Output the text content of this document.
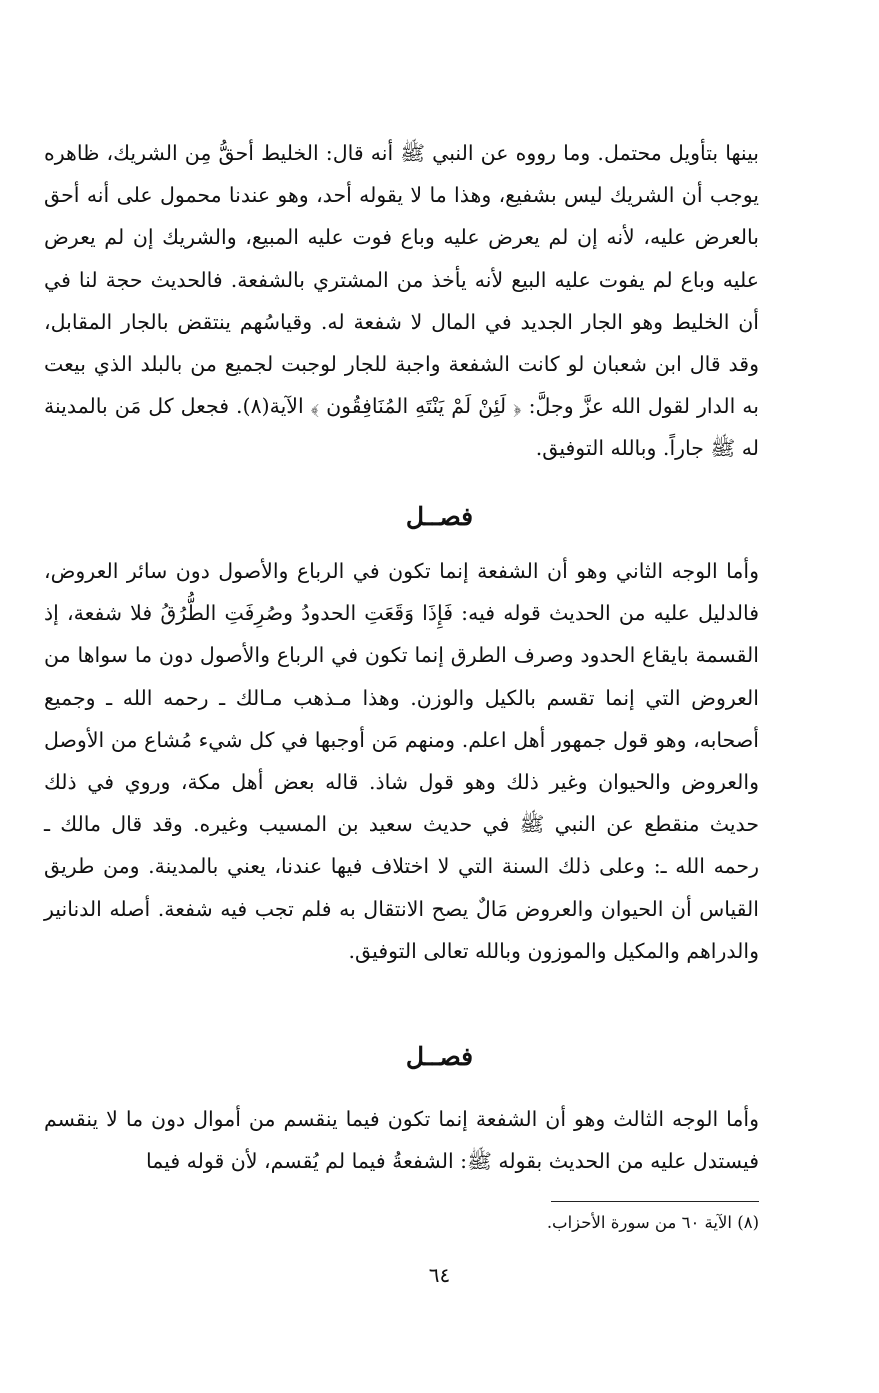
بينها بتأويل محتمل. وما رووه عن النبي ﷺ أنه قال: الخليط أحقُّ مِن الشريك، ظاهره يوجب أن الشريك ليس بشفيع، وهذا ما لا يقوله أحد، وهو عندنا محمول على أنه أحق بالعرض عليه، لأنه إن لم يعرض عليه وباع فوت عليه المبيع، والشريك إن لم يعرض عليه وباع لم يفوت عليه البيع لأنه يأخذ من المشتري بالشفعة. فالحديث حجة لنا في أن الخليط وهو الجار الجديد في المال لا شفعة له. وقياسُهم ينتقض بالجار المقابل، وقد قال ابن شعبان لو كانت الشفعة واجبة للجار لوجبت لجميع من بالبلد الذي بيعت به الدار لقول الله عزَّ وجلَّ: ﴿ لَئِنْ لَمْ يَنْتَهِ المُنَافِقُون ﴾ الآية(٨). فجعل كل مَن بالمدينة له ﷺ جاراً. وبالله التوفيق.

فصــل

وأما الوجه الثاني وهو أن الشفعة إنما تكون في الرباع والأصول دون سائر العروض، فالدليل عليه من الحديث قوله فيه: فَإِذَا وَقَعَتِ الحدودُ وصُرِفَتِ الطُّرُقُ فلا شفعة، إذ القسمة بايقاع الحدود وصرف الطرق إنما تكون في الرباع والأصول دون ما سواها من العروض التي إنما تقسم بالكيل والوزن. وهذا مـذهب مـالك ـ رحمه الله ـ وجميع أصحابه، وهو قول جمهور أهل اعلم. ومنهم مَن أوجبها في كل شيء مُشاع من الأوصل والعروض والحيوان وغير ذلك وهو قول شاذ. قاله بعض أهل مكة، وروي في ذلك حديث منقطع عن النبي ﷺ في حديث سعيد بن المسيب وغيره. وقد قال مالك ـ رحمه الله ـ: وعلى ذلك السنة التي لا اختلاف فيها عندنا، يعني بالمدينة. ومن طريق القياس أن الحيوان والعروض مَالٌ يصح الانتقال به فلم تجب فيه شفعة. أصله الدنانير والدراهم والمكيل والموزون وبالله تعالى التوفيق.

فصــل

وأما الوجه الثالث وهو أن الشفعة إنما تكون فيما ينقسم من أموال دون ما لا ينقسم فيستدل عليه من الحديث بقوله ﷺ: الشفعةُ فيما لم يُقسم، لأن قوله فيما

(٨) الآية ٦٠ من سورة الأحزاب.
٦٤
